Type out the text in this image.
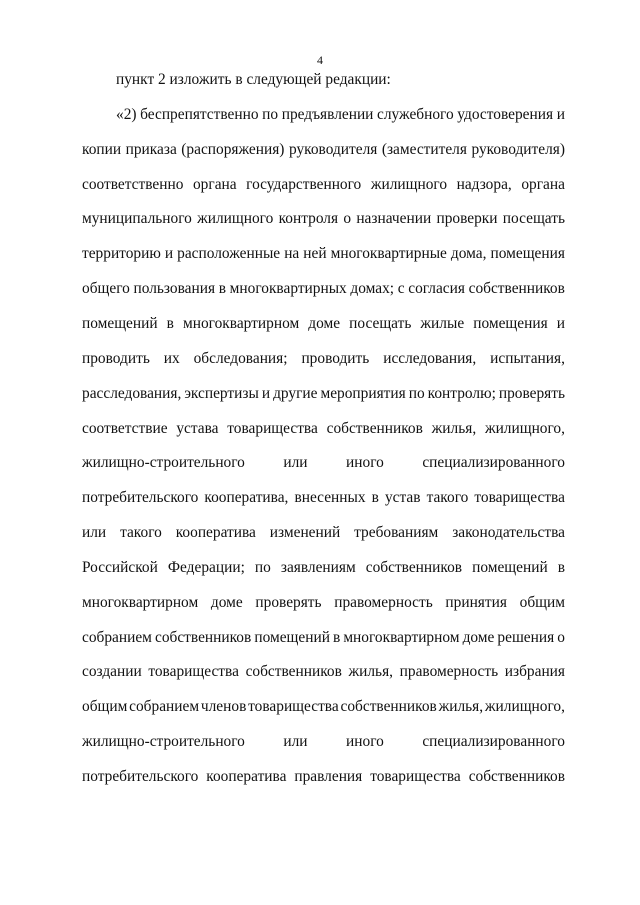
4
пункт 2 изложить в следующей редакции:
«2) беспрепятственно по предъявлении служебного удостоверения и
копии приказа (распоряжения) руководителя (заместителя руководителя)
соответственно органа государственного жилищного надзора, органа
муниципального жилищного контроля о назначении проверки посещать
территорию и расположенные на ней многоквартирные дома, помещения
общего пользования в многоквартирных домах; с согласия собственников
помещений в многоквартирном доме посещать жилые помещения и
проводить их обследования; проводить исследования, испытания,
расследования, экспертизы и другие мероприятия по контролю; проверять
соответствие устава товарищества собственников жилья, жилищного,
жилищно-строительного	или	иного	специализированного
потребительского кооператива, внесенных в устав такого товарищества
или такого кооператива изменений требованиям законодательства
Российской Федерации; по заявлениям собственников помещений в
многоквартирном доме проверять правомерность принятия общим
собранием собственников помещений в многоквартирном доме решения о
создании товарищества собственников жилья, правомерность избрания
общим собранием членов товарищества собственников жилья, жилищного,
жилищно-строительного	или	иного	специализированного
потребительского кооператива правления товарищества собственников
